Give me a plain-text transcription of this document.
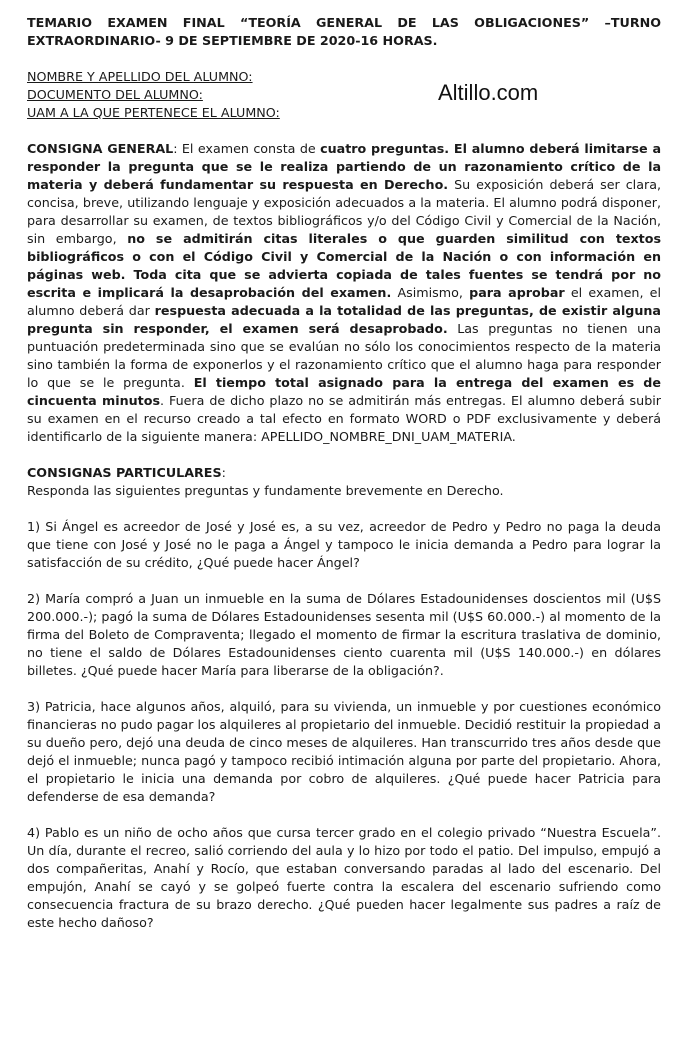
Altillo.com
TEMARIO EXAMEN FINAL “TEORÍA GENERAL DE LAS OBLIGACIONES” –TURNO
EXTRAORDINARIO- 9 DE SEPTIEMBRE DE 2020-16 HORAS.
NOMBRE Y APELLIDO DEL ALUMNO:
DOCUMENTO DEL ALUMNO:
UAM A LA QUE PERTENECE EL ALUMNO:

CONSIGNA GENERAL: El examen consta de cuatro preguntas. El alumno deberá limitarse a responder la pregunta que se le realiza partiendo de un razonamiento crítico de la materia y deberá fundamentar su respuesta en Derecho. Su exposición deberá ser clara, concisa, breve, utilizando lenguaje y exposición adecuados a la materia. El alumno podrá disponer, para desarrollar su examen, de textos bibliográficos y/o del Código Civil y Comercial de la Nación, sin embargo, no se admitirán citas literales o que guarden similitud con textos bibliográficos o con el Código Civil y Comercial de la Nación o con información en páginas web. Toda cita que se advierta copiada de tales fuentes se tendrá por no escrita e implicará la desaprobación del examen. Asimismo, para aprobar el examen, el alumno deberá dar respuesta adecuada a la totalidad de las preguntas, de existir alguna pregunta sin responder, el examen será desaprobado. Las preguntas no tienen una puntuación predeterminada sino que se evalúan no sólo los conocimientos respecto de la materia sino también la forma de exponerlos y el razonamiento crítico que el alumno haga para responder lo que se le pregunta. El tiempo total asignado para la entrega del examen es de cincuenta minutos. Fuera de dicho plazo no se admitirán más entregas. El alumno deberá subir su examen en el recurso creado a tal efecto en formato WORD o PDF exclusivamente y deberá identificarlo de la siguiente manera: APELLIDO_NOMBRE_DNI_UAM_MATERIA.

CONSIGNAS PARTICULARES:

Responda las siguientes preguntas y fundamente brevemente en Derecho.

1) Si Ángel es acreedor de José y José es, a su vez, acreedor de Pedro y Pedro no paga la deuda que tiene con José y José no le paga a Ángel y tampoco le inicia demanda a Pedro para lograr la satisfacción de su crédito, ¿Qué puede hacer Ángel?

2) María compró a Juan un inmueble en la suma de Dólares Estadounidenses doscientos mil (U$S 200.000.-); pagó la suma de Dólares Estadounidenses sesenta mil (U$S 60.000.-) al momento de la firma del Boleto de Compraventa; llegado el momento de firmar la escritura traslativa de dominio, no tiene el saldo de Dólares Estadounidenses ciento cuarenta mil (U$S 140.000.-) en dólares billetes. ¿Qué puede hacer María para liberarse de la obligación?.

3) Patricia, hace algunos años, alquiló, para su vivienda, un inmueble y por cuestiones económico financieras no pudo pagar los alquileres al propietario del inmueble. Decidió restituir la propiedad a su dueño pero, dejó una deuda de cinco meses de alquileres. Han transcurrido tres años desde que dejó el inmueble; nunca pagó y tampoco recibió intimación alguna por parte del propietario. Ahora, el propietario le inicia una demanda por cobro de alquileres. ¿Qué puede hacer Patricia para defenderse de esa demanda?

4) Pablo es un niño de ocho años que cursa tercer grado en el colegio privado “Nuestra Escuela”. Un día, durante el recreo, salió corriendo del aula y lo hizo por todo el patio. Del impulso, empujó a dos compañeritas, Anahí y Rocío, que estaban conversando paradas al lado del escenario. Del empujón, Anahí se cayó y se golpeó fuerte contra la escalera del escenario sufriendo como consecuencia fractura de su brazo derecho. ¿Qué pueden hacer legalmente sus padres a raíz de este hecho dañoso?
